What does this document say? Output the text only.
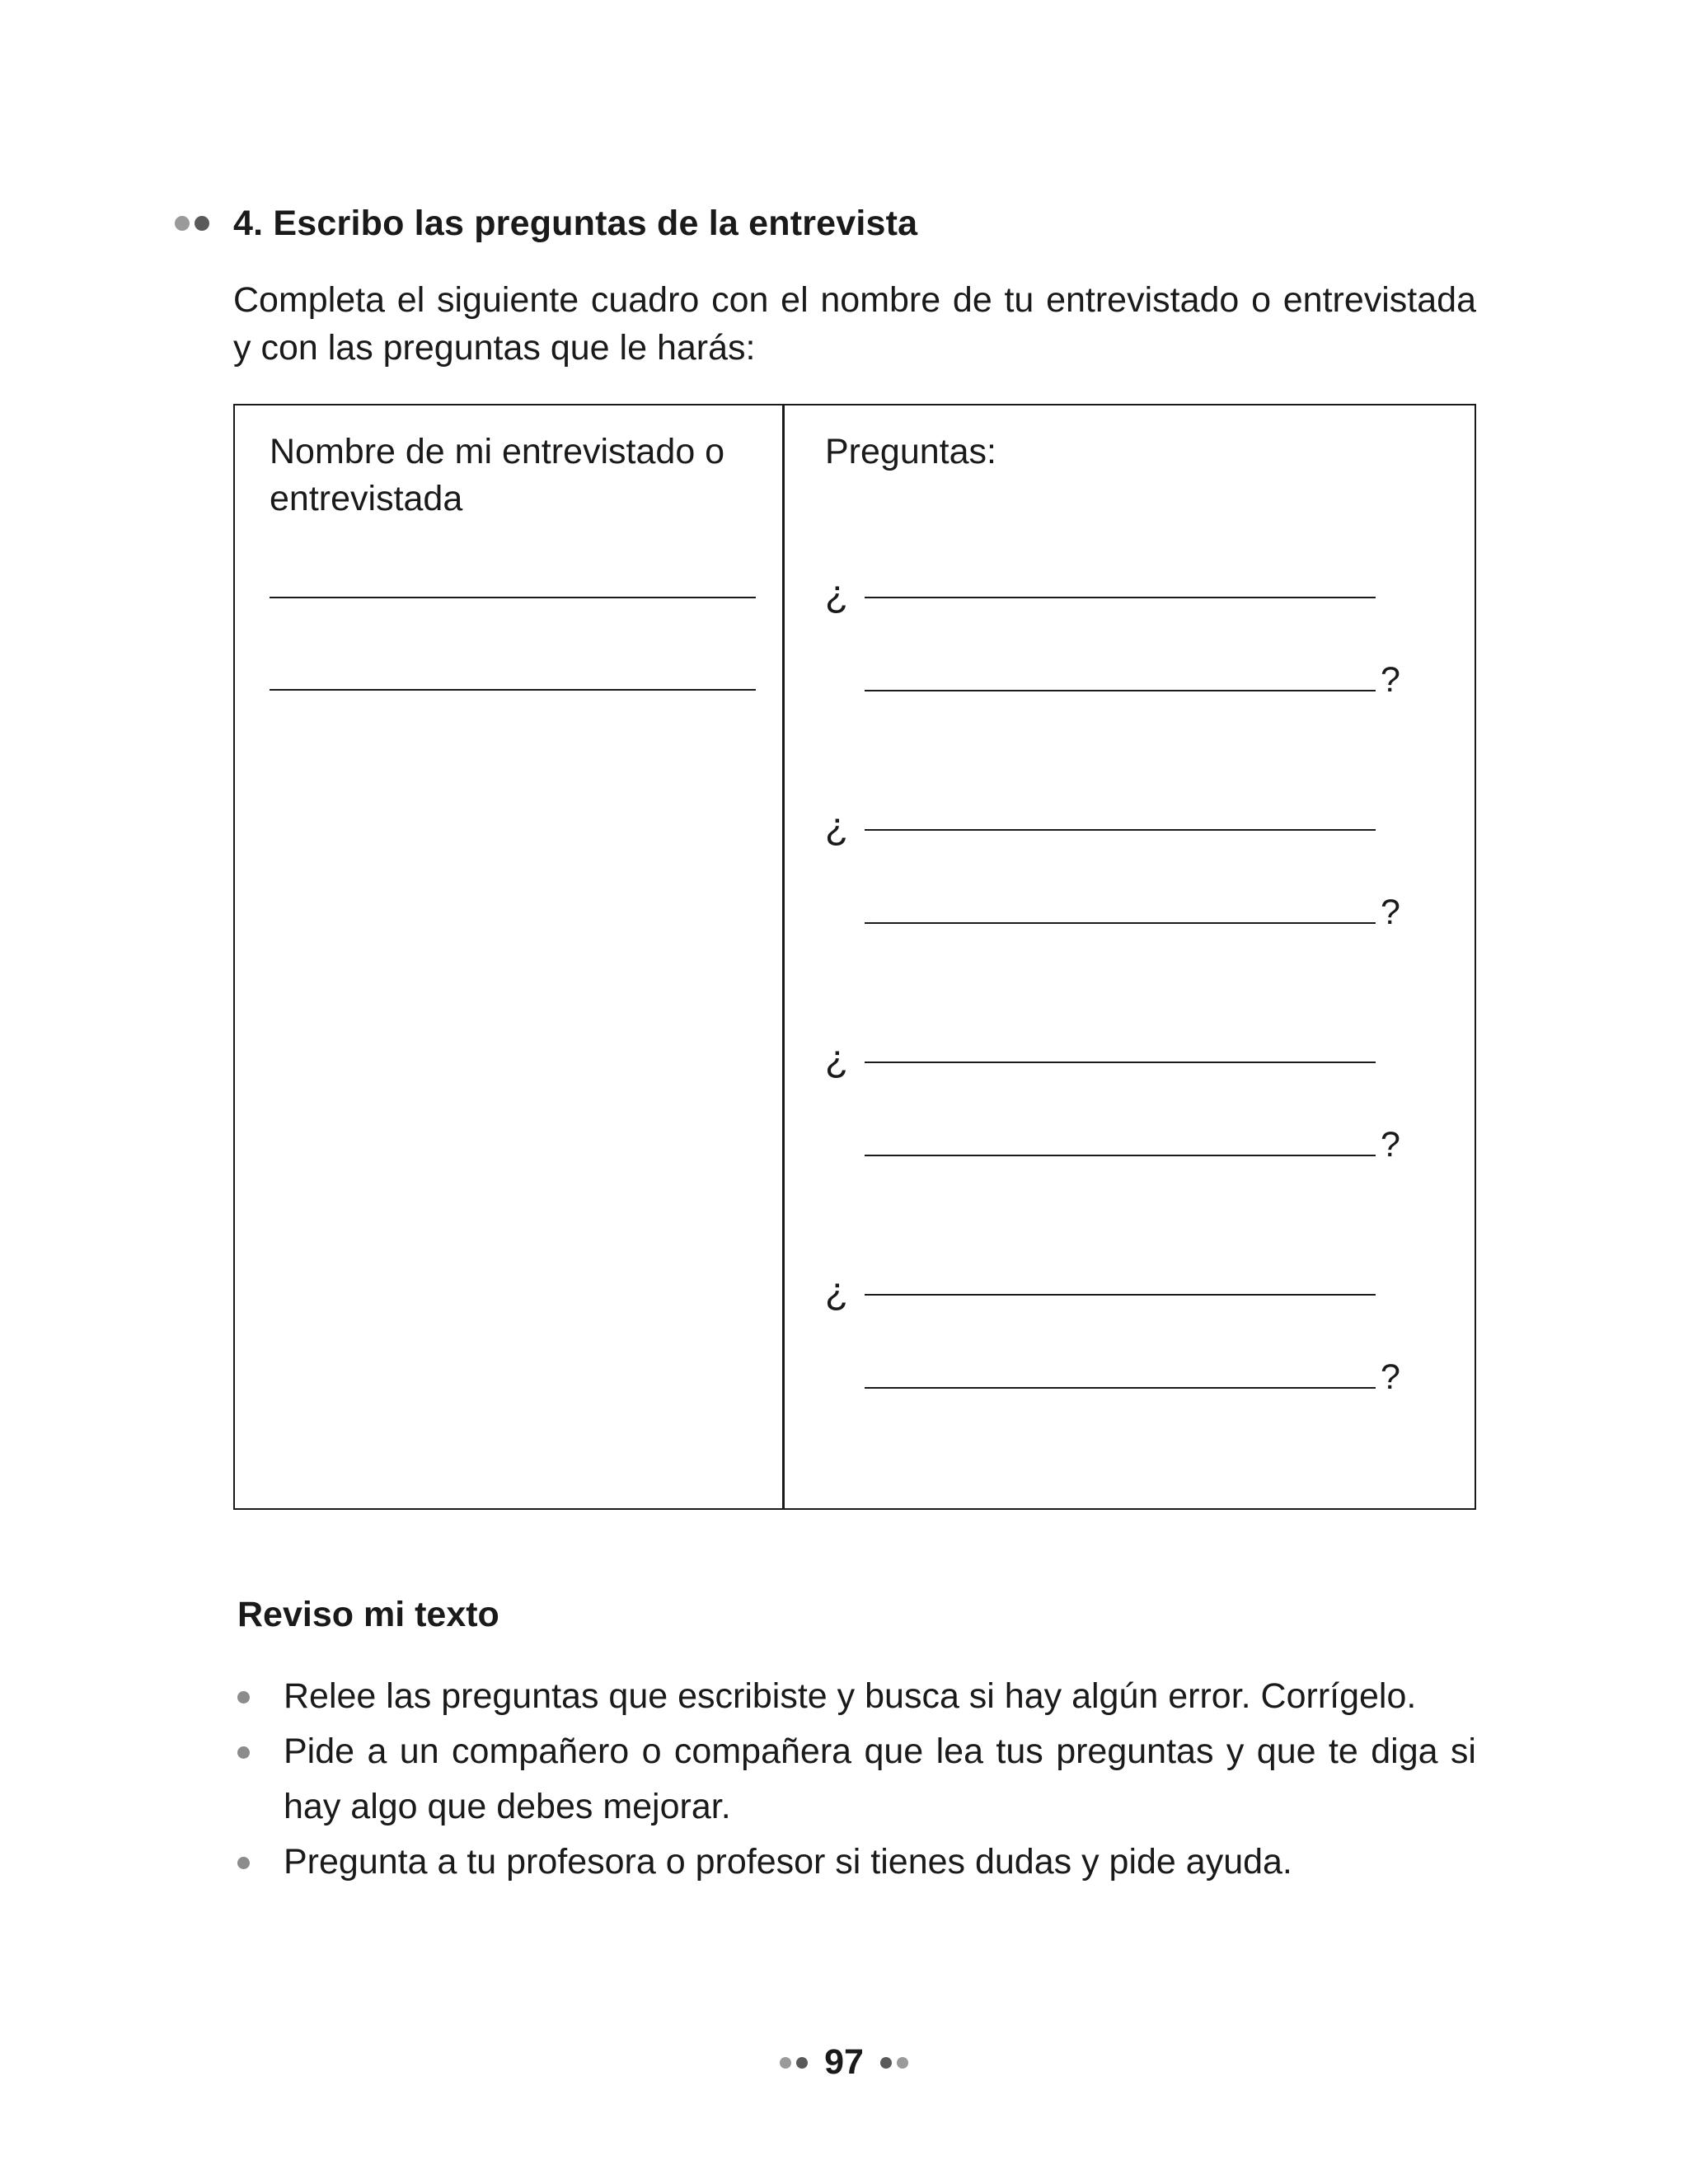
4. Escribo las preguntas de la entrevista

Completa el siguiente cuadro con el nombre de tu entrevistado o entrevistada y con las preguntas que le harás:

Nombre de mi entrevistado o entrevistada

Preguntas:

¿
?
¿
?
¿
?
¿
?
Reviso mi texto
Relee las preguntas que escribiste y busca si hay algún error. Corrígelo.
Pide a un compañero o compañera que lea tus preguntas y que te diga si hay algo que debes mejorar.
Pregunta a tu profesora o profesor si tienes dudas y pide ayuda.

97
